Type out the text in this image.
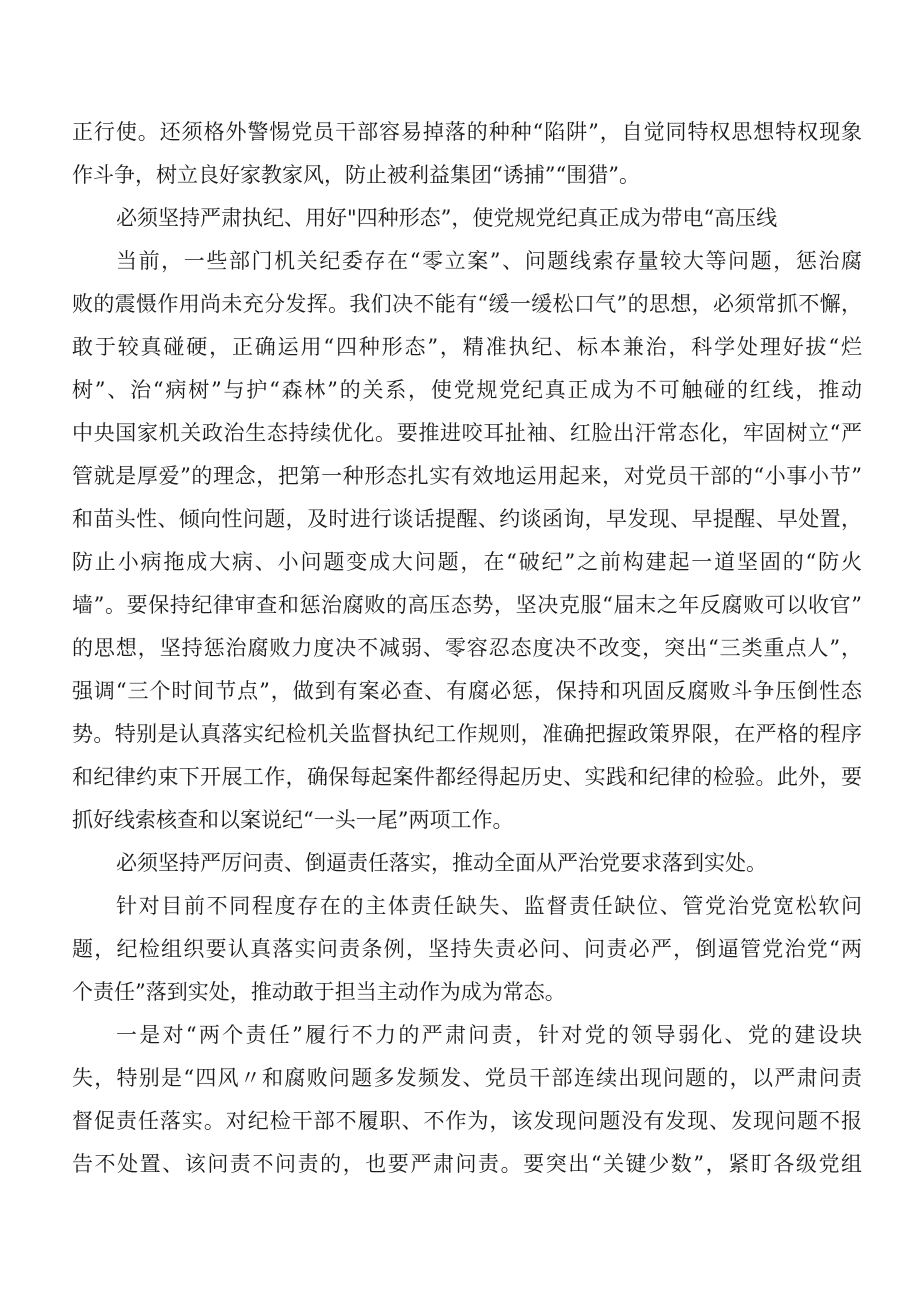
正行使。还须格外警惕党员干部容易掉落的种种“陷阱”，自觉同特权思想特权现象

作斗争，树立良好家教家风，防止被利益集团“诱捕”“围猎”。

必须坚持严肃执纪、用好"四种形态”，使党规党纪真正成为带电“高压线

当前，一些部门机关纪委存在“零立案”、问题线索存量较大等问题，惩治腐

败的震慑作用尚未充分发挥。我们决不能有“缓一缓松口气”的思想，必须常抓不懈，

敢于较真碰硬，正确运用“四种形态”，精准执纪、标本兼治，科学处理好拔“烂

树”、治“病树”与护“森林”的关系，使党规党纪真正成为不可触碰的红线，推动

中央国家机关政治生态持续优化。要推进咬耳扯袖、红脸出汗常态化，牢固树立“严

管就是厚爱”的理念，把第一种形态扎实有效地运用起来，对党员干部的“小事小节”

和苗头性、倾向性问题，及时进行谈话提醒、约谈函询，早发现、早提醒、早处置，

防止小病拖成大病、小问题变成大问题，在“破纪”之前构建起一道坚固的“防火

墙”。要保持纪律审查和惩治腐败的高压态势，坚决克服“届末之年反腐败可以收官”

的思想，坚持惩治腐败力度决不减弱、零容忍态度决不改变，突出“三类重点人”，

强调“三个时间节点”，做到有案必查、有腐必惩，保持和巩固反腐败斗争压倒性态

势。特别是认真落实纪检机关监督执纪工作规则，准确把握政策界限，在严格的程序

和纪律约束下开展工作，确保每起案件都经得起历史、实践和纪律的检验。此外，要

抓好线索核查和以案说纪“一头一尾”两项工作。

必须坚持严厉问责、倒逼责任落实，推动全面从严治党要求落到实处。

针对目前不同程度存在的主体责任缺失、监督责任缺位、管党治党宽松软问

题，纪检组织要认真落实问责条例，坚持失责必问、问责必严，倒逼管党治党“两

个责任”落到实处，推动敢于担当主动作为成为常态。

一是对“两个责任”履行不力的严肃问责，针对党的领导弱化、党的建设块

失，特别是“四风〃和腐败问题多发频发、党员干部连续出现问题的，以严肃问责

督促责任落实。对纪检干部不履职、不作为，该发现问题没有发现、发现问题不报

告不处置、该问责不问责的，也要严肃问责。要突出“关键少数”，紧盯各级党组
